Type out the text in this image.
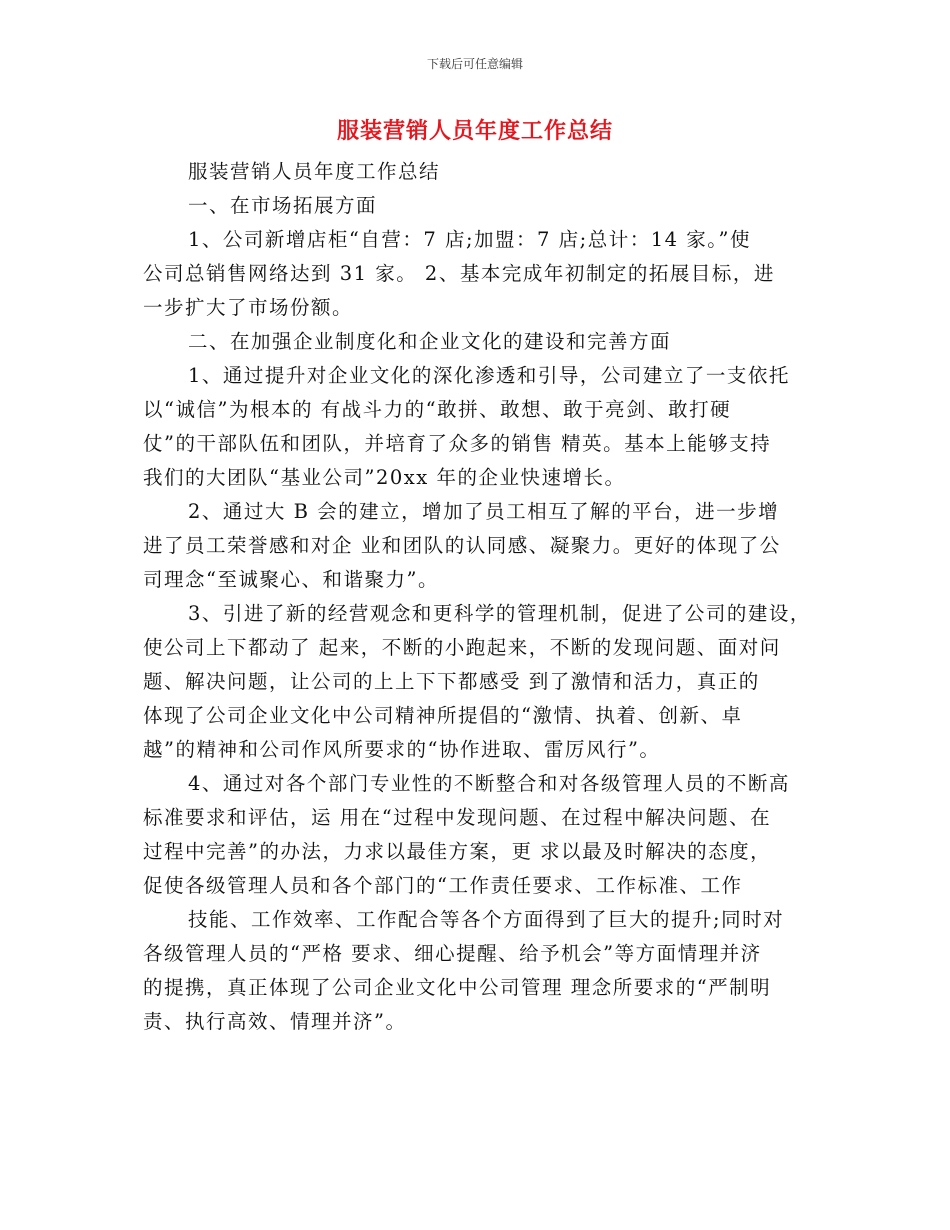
下载后可任意编辑
服装营销人员年度工作总结
服装营销人员年度工作总结
一、在市场拓展方面
1、公司新增店柜“自营：7 店;加盟：7 店;总计：14 家。”使
公司总销售网络达到 31 家。 2、基本完成年初制定的拓展目标，进
一步扩大了市场份额。
二、在加强企业制度化和企业文化的建设和完善方面
1、通过提升对企业文化的深化渗透和引导，公司建立了一支依托
以“诚信”为根本的 有战斗力的“敢拼、敢想、敢于亮剑、敢打硬
仗”的干部队伍和团队，并培育了众多的销售 精英。基本上能够支持
我们的大团队“基业公司”20xx 年的企业快速增长。
2、通过大 B 会的建立，增加了员工相互了解的平台，进一步增
进了员工荣誉感和对企 业和团队的认同感、凝聚力。更好的体现了公
司理念“至诚聚心、和谐聚力”。
3、引进了新的经营观念和更科学的管理机制，促进了公司的建设，
使公司上下都动了 起来，不断的小跑起来，不断的发现问题、面对问
题、解决问题，让公司的上上下下都感受 到了激情和活力，真正的
体现了公司企业文化中公司精神所提倡的“激情、执着、创新、卓
越”的精神和公司作风所要求的“协作进取、雷厉风行”。
4、通过对各个部门专业性的不断整合和对各级管理人员的不断高
标准要求和评估，运 用在“过程中发现问题、在过程中解决问题、在
过程中完善”的办法，力求以最佳方案，更 求以最及时解决的态度，
促使各级管理人员和各个部门的“工作责任要求、工作标准、工作
技能、工作效率、工作配合等各个方面得到了巨大的提升;同时对
各级管理人员的“严格 要求、细心提醒、给予机会”等方面情理并济
的提携，真正体现了公司企业文化中公司管理 理念所要求的“严制明
责、执行高效、情理并济”。
